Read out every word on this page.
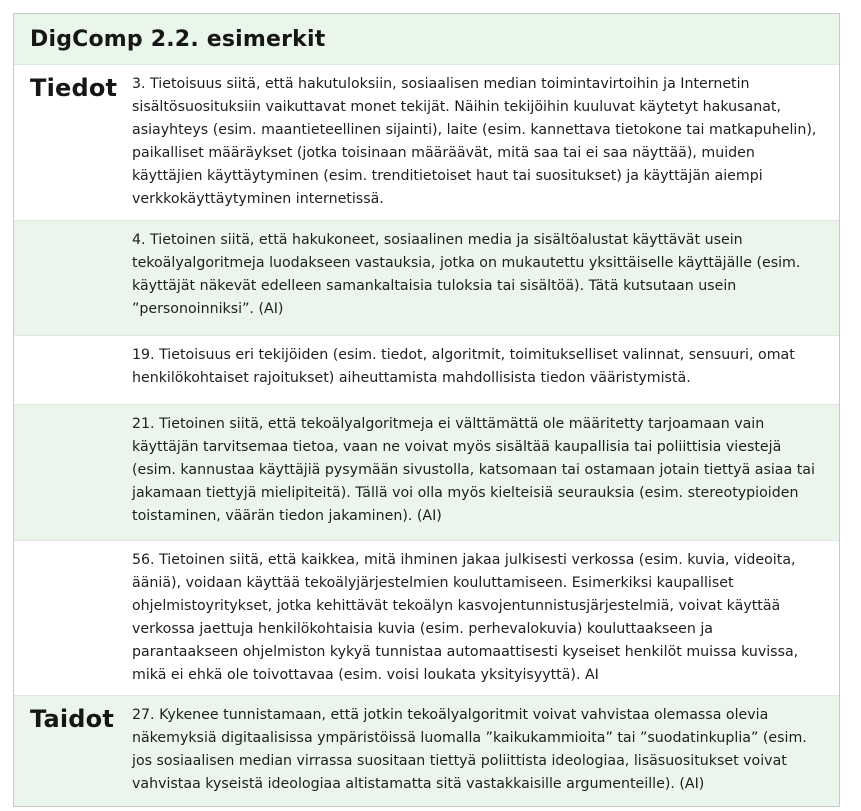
DigComp 2.2. esimerkit
Tiedot 3. Tietoisuus siitä, että hakutuloksiin, sosiaalisen median toimintavirtoihin ja Internetin sisältösuosituksiin vaikuttavat monet tekijät. Näihin tekijöihin kuuluvat käytetyt hakusanat, asiayhteys (esim. maantieteellinen sijainti), laite (esim. kannettava tietokone tai matkapuhelin), paikalliset määräykset (jotka toisinaan määräävät, mitä saa tai ei saa näyttää), muiden käyttäjien käyttäytyminen (esim. trenditietoiset haut tai suositukset) ja käyttäjän aiempi verkkokäyttäytyminen internetissä.
4. Tietoinen siitä, että hakukoneet, sosiaalinen media ja sisältöalustat käyttävät usein tekoälyalgoritmeja luodakseen vastauksia, jotka on mukautettu yksittäiselle käyttäjälle (esim. käyttäjät näkevät edelleen samankaltaisia tuloksia tai sisältöä). Tätä kutsutaan usein ”personoinniksi”. (AI)
19. Tietoisuus eri tekijöiden (esim. tiedot, algoritmit, toimitukselliset valinnat, sensuuri, omat henkilökohtaiset rajoitukset) aiheuttamista mahdollisista tiedon vääristymistä.
21. Tietoinen siitä, että tekoälyalgoritmeja ei välttämättä ole määritetty tarjoamaan vain käyttäjän tarvitsemaa tietoa, vaan ne voivat myös sisältää kaupallisia tai poliittisia viestejä (esim. kannustaa käyttäjiä pysymään sivustolla, katsomaan tai ostamaan jotain tiettyä asiaa tai jakamaan tiettyjä mielipiteitä). Tällä voi olla myös kielteisiä seurauksia (esim. stereotypioiden toistaminen, väärän tiedon jakaminen). (AI)
56. Tietoinen siitä, että kaikkea, mitä ihminen jakaa julkisesti verkossa (esim. kuvia, videoita, ääniä), voidaan käyttää tekoälyjärjestelmien kouluttamiseen. Esimerkiksi kaupalliset ohjelmistoyritykset, jotka kehittävät tekoälyn kasvojentunnistusjärjestelmiä, voivat käyttää verkossa jaettuja henkilökohtaisia kuvia (esim. perhevalokuvia) kouluttaakseen ja parantaakseen ohjelmiston kykyä tunnistaa automaattisesti kyseiset henkilöt muissa kuvissa, mikä ei ehkä ole toivottavaa (esim. voisi loukata yksityisyyttä). AI
Taidot 27. Kykenee tunnistamaan, että jotkin tekoälyalgoritmit voivat vahvistaa olemassa olevia näkemyksiä digitaalisissa ympäristöissä luomalla ”kaikukammioita” tai ”suodatinkuplia” (esim. jos sosiaalisen median virrassa suositaan tiettyä poliittista ideologiaa, lisäsuositukset voivat vahvistaa kyseistä ideologiaa altistamatta sitä vastakkaisille argumenteille). (AI)
